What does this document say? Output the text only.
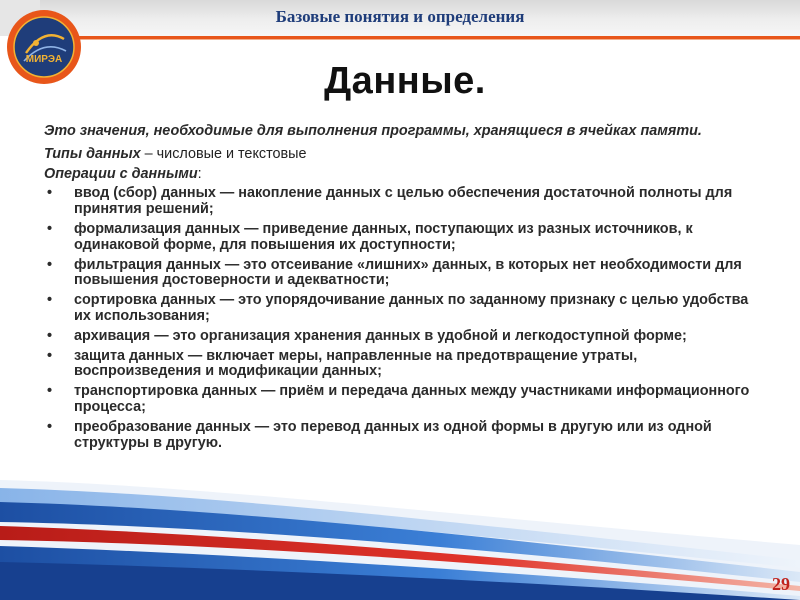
Базовые понятия и определения
МИРЭА
Данные.
Это значения, необходимые для выполнения программы, хранящиеся в ячейках памяти.
Типы данных – числовые и текстовые
Операции с данными:
• ввод (сбор) данных — накопление данных с целью обеспечения достаточной полноты для принятия решений;
• формализация данных — приведение данных, поступающих из разных источников, к одинаковой форме, для повышения их доступности;
• фильтрация данных — это отсеивание «лишних» данных, в которых нет необходимости для повышения достоверности и адекватности;
• сортировка данных — это упорядочивание данных по заданному признаку с целью удобства их использования;
• архивация — это организация хранения данных в удобной и легкодоступной форме;
• защита данных — включает меры, направленные на предотвращение утраты, воспроизведения и модификации данных;
• транспортировка данных — приём и передача данных между участниками информационного процесса;
• преобразование данных — это перевод данных из одной формы в другую или из одной структуры в другую.
29
